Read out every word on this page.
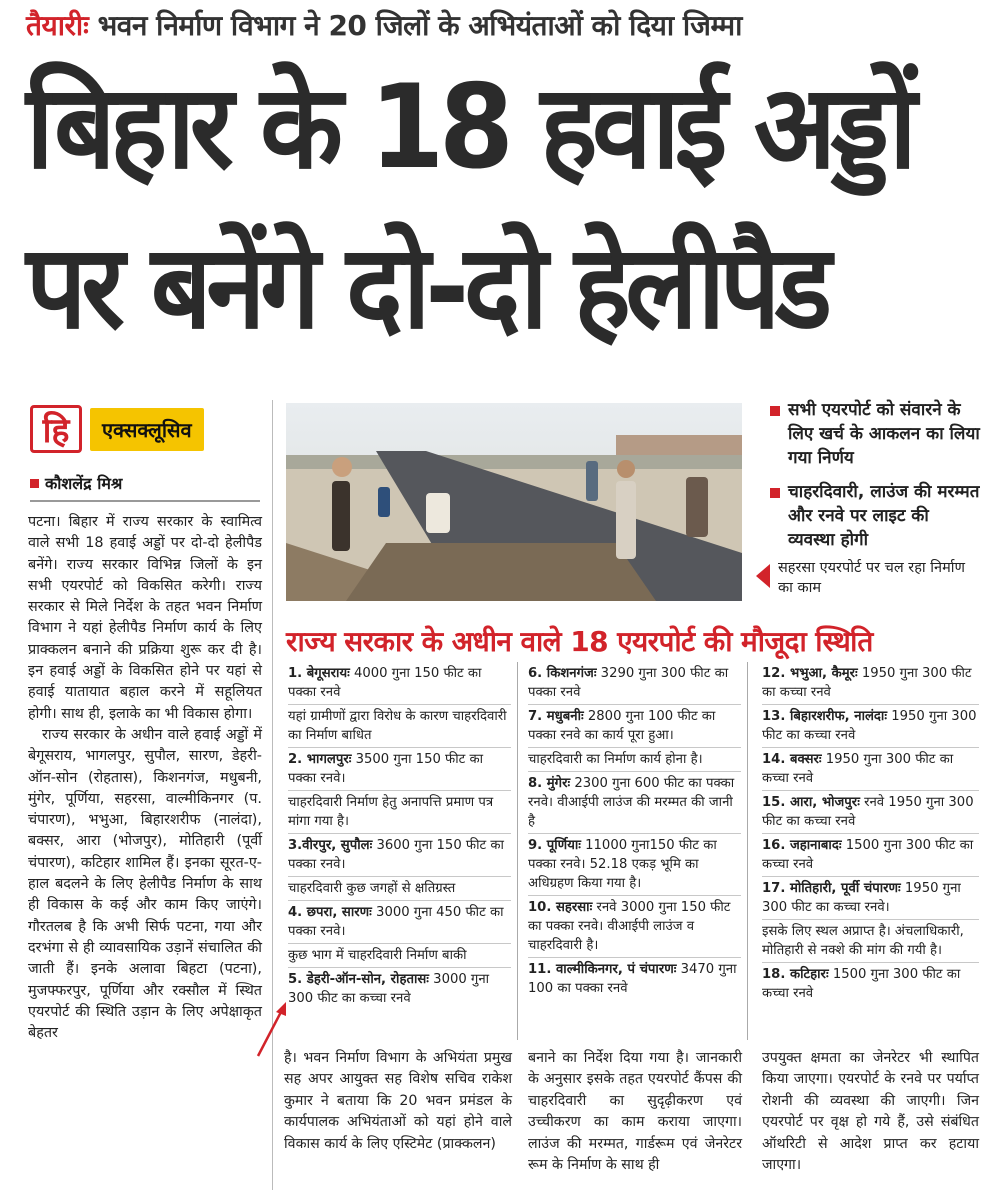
तैयारीः भवन निर्माण विभाग ने 20 जिलों के अभियंताओं को दिया जिम्मा
बिहार के 18 हवाई अड्डों
पर बनेंगे दो-दो हेलीपैड
हि	एक्सक्लूसिव
कौशलेंद्र मिश्र

पटना। बिहार में राज्य सरकार के स्वामित्व वाले सभी 18 हवाई अड्डों पर दो-दो हेलीपैड बनेंगे। राज्य सरकार विभिन्न जिलों के इन सभी एयरपोर्ट को विकसित करेगी। राज्य सरकार से मिले निर्देश के तहत भवन निर्माण विभाग ने यहां हेलीपैड निर्माण कार्य के लिए प्राक्कलन बनाने की प्रक्रिया शुरू कर दी है। इन हवाई अड्डों के विकसित होने पर यहां से हवाई यातायात बहाल करने में सहूलियत होगी। साथ ही, इलाके का भी विकास होगा।

राज्य सरकार के अधीन वाले हवाई अड्डों में बेगूसराय, भागलपुर, सुपौल, सारण, डेहरी-ऑन-सोन (रोहतास), किशनगंज, मधुबनी, मुंगेर, पूर्णिया, सहरसा, वाल्मीकिनगर (प. चंपारण), भभुआ, बिहारशरीफ (नालंदा), बक्सर, आरा (भोजपुर), मोतिहारी (पूर्वी चंपारण), कटिहार शामिल हैं। इनका सूरत-ए-हाल बदलने के लिए हेलीपैड निर्माण के साथ ही विकास के कई और काम किए जाएंगे। गौरतलब है कि अभी सिर्फ पटना, गया और दरभंगा से ही व्यावसायिक उड़ानें संचालित की जाती हैं। इनके अलावा बिहटा (पटना), मुजफ्फरपुर, पूर्णिया और रक्सौल में स्थित एयरपोर्ट की स्थिति उड़ान के लिए अपेक्षाकृत बेहतर

सभी एयरपोर्ट को संवारने के लिए खर्च के आकलन का लिया गया निर्णय
चाहरदिवारी, लाउंज की मरम्मत और रनवे पर लाइट की व्यवस्था होगी
सहरसा एयरपोर्ट पर चल रहा निर्माण का काम
राज्य सरकार के अधीन वाले 18 एयरपोर्ट की मौजूदा स्थिति
1. बेगूसरायः 4000 गुना 150 फीट का पक्का रनवे
यहां ग्रामीणों द्वारा विरोध के कारण चाहरदिवारी का निर्माण बाधित
2. भागलपुरः 3500 गुना 150 फीट का पक्का रनवे।
चाहरदिवारी निर्माण हेतु अनापत्ति प्रमाण पत्र मांगा गया है।
3.वीरपुर, सुपौलः 3600 गुना 150 फीट का पक्का रनवे।
चाहरदिवारी कुछ जगहों से क्षतिग्रस्त
4. छपरा, सारणः 3000 गुना 450 फीट का पक्का रनवे।
कुछ भाग में चाहरदिवारी निर्माण बाकी
5. डेहरी-ऑन-सोन, रोहतासः 3000 गुना 300 फीट का कच्चा रनवे
6. किशनगंजः 3290 गुना 300 फीट का पक्का रनवे
7. मधुबनीः 2800 गुना 100 फीट का पक्का रनवे का कार्य पूरा हुआ।
चाहरदिवारी का निर्माण कार्य होना है।
8. मुंगेरः 2300 गुना 600 फीट का पक्का रनवे। वीआईपी लाउंज की मरम्मत की जानी है
9. पूर्णियाः 11000 गुना150 फीट का पक्का रनवे। 52.18 एकड़ भूमि का अधिग्रहण किया गया है।
10. सहरसाः रनवे 3000 गुना 150 फीट का पक्का रनवे। वीआईपी लाउंज व चाहरदिवारी है।
11. वाल्मीकिनगर, पं चंपारणः 3470 गुना 100 का पक्का रनवे
12. भभुआ, कैमूरः 1950 गुना 300 फीट का कच्चा रनवे
13. बिहारशरीफ, नालंदाः 1950 गुना 300 फीट का कच्चा रनवे
14. बक्सरः 1950 गुना 300 फीट का कच्चा रनवे
15. आरा, भोजपुरः रनवे 1950 गुना 300 फीट का कच्चा रनवे
16. जहानाबादः 1500 गुना 300 फीट का कच्चा रनवे
17. मोतिहारी, पूर्वी चंपारणः 1950 गुना 300 फीट का कच्चा रनवे।
इसके लिए स्थल अप्राप्त है। अंचलाधिकारी, मोतिहारी से नक्शे की मांग की गयी है।
18. कटिहारः 1500 गुना 300 फीट का कच्चा रनवे
है। भवन निर्माण विभाग के अभियंता प्रमुख सह अपर आयुक्त सह विशेष सचिव राकेश कुमार ने बताया कि 20 भवन प्रमंडल के कार्यपालक अभियंताओं को यहां होने वाले विकास कार्य के लिए एस्टिमेट (प्राक्कलन)
बनाने का निर्देश दिया गया है। जानकारी के अनुसार इसके तहत एयरपोर्ट कैंपस की चाहरदिवारी का सुदृढ़ीकरण एवं उच्चीकरण का काम कराया जाएगा। लाउंज की मरम्मत, गार्डरूम एवं जेनरेटर रूम के निर्माण के साथ ही
उपयुक्त क्षमता का जेनरेटर भी स्थापित किया जाएगा। एयरपोर्ट के रनवे पर पर्याप्त रोशनी की व्यवस्था की जाएगी। जिन एयरपोर्ट पर वृक्ष हो गये हैं, उसे संबंधित ऑथरिटी से आदेश प्राप्त कर हटाया जाएगा।
